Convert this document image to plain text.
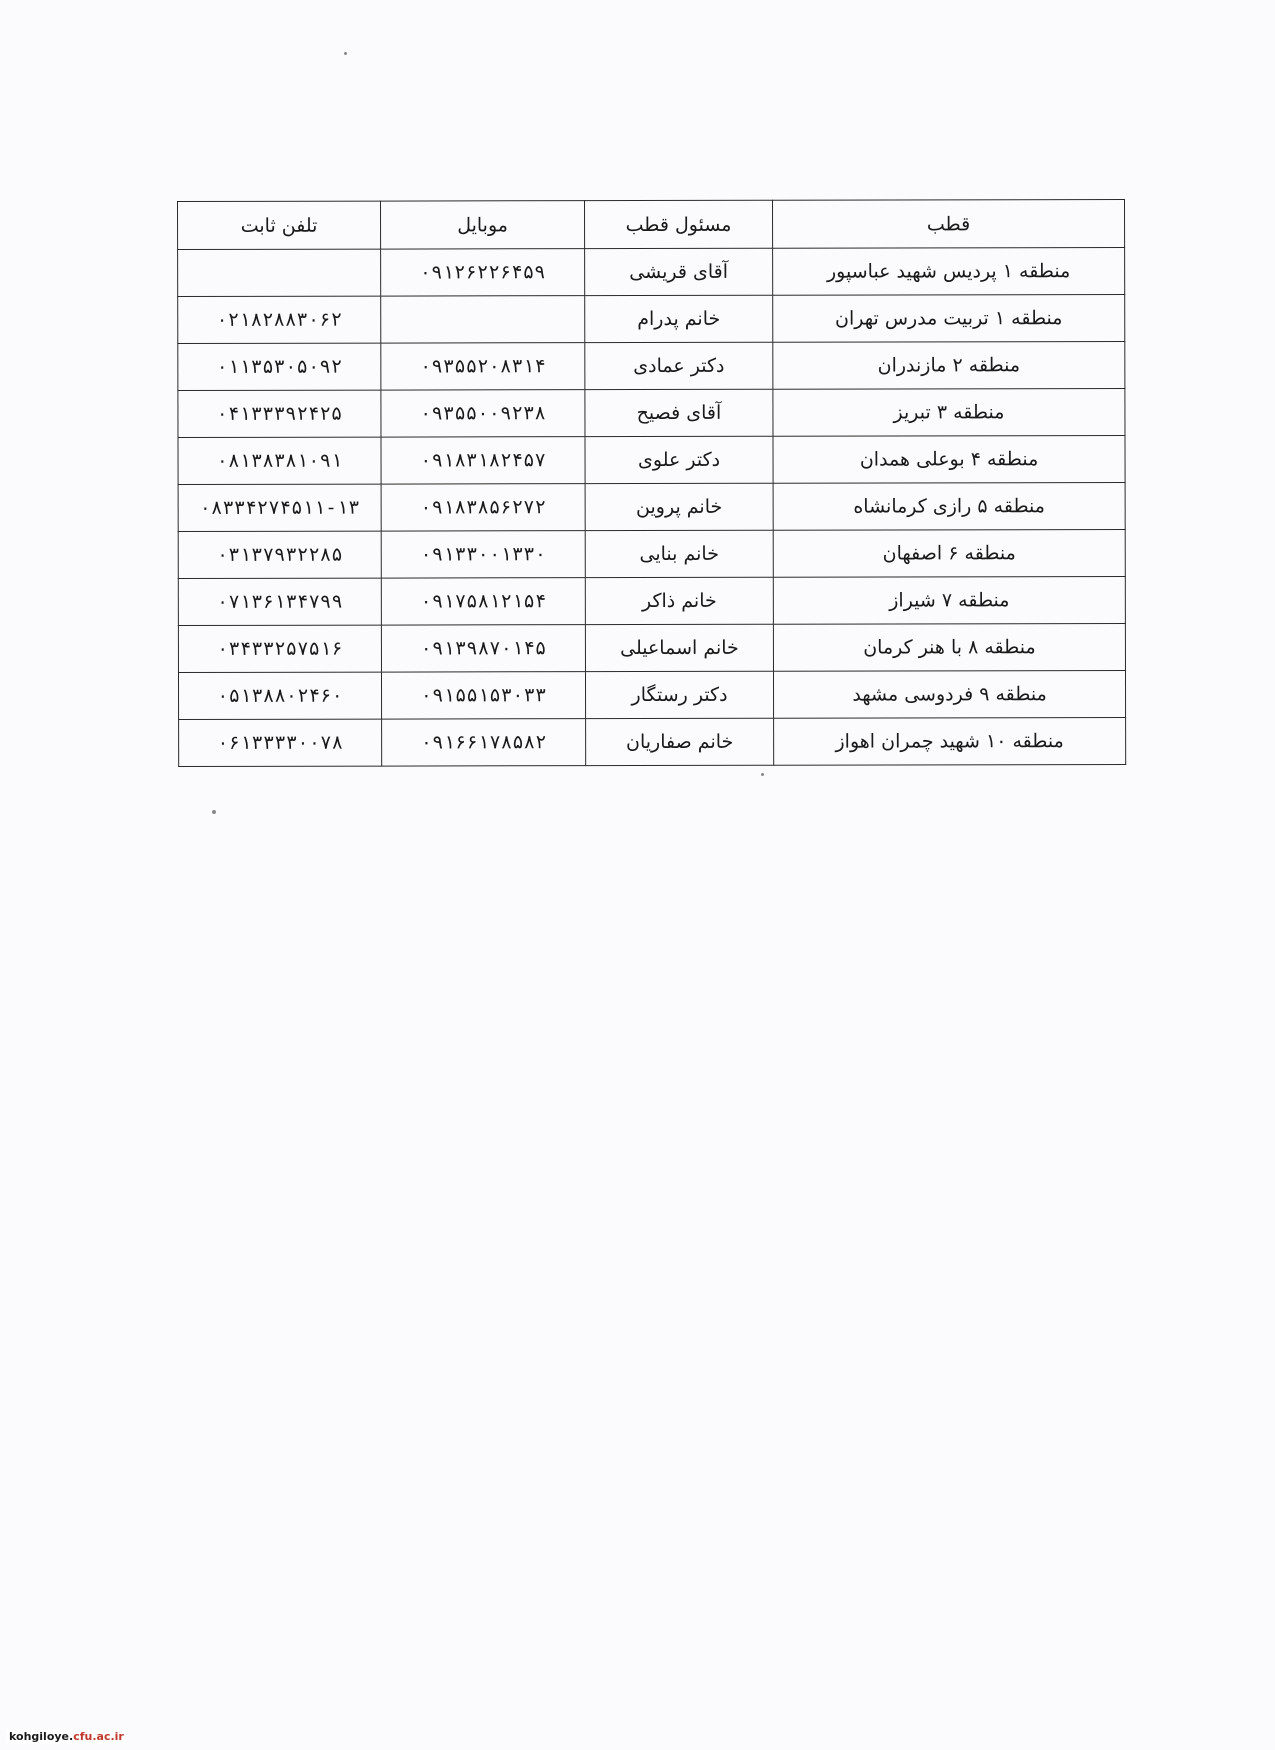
قطب	مسئول قطب	موبایل	تلفن ثابت
منطقه ۱ پردیس شهید عباسپور	آقای قریشی	۰۹۱۲۶۲۲۶۴۵۹	
منطقه ۱ تربیت مدرس تهران	خانم پدرام		۰۲۱۸۲۸۸۳۰۶۲
منطقه ۲ مازندران	دکتر عمادی	۰۹۳۵۵۲۰۸۳۱۴	۰۱۱۳۵۳۰۵۰۹۲
منطقه ۳ تبریز	آقای فصیح	۰۹۳۵۵۰۰۹۲۳۸	۰۴۱۳۳۳۹۲۴۲۵
منطقه ۴ بوعلی همدان	دکتر علوی	۰۹۱۸۳۱۸۲۴۵۷	۰۸۱۳۸۳۸۱۰۹۱
منطقه ۵ رازی کرمانشاه	خانم پروین	۰۹۱۸۳۸۵۶۲۷۲	۰۸۳۳۴۲۷۴۵۱۱-۱۳
منطقه ۶ اصفهان	خانم بنایی	۰۹۱۳۳۰۰۱۳۳۰	۰۳۱۳۷۹۳۲۲۸۵
منطقه ۷ شیراز	خانم ذاکر	۰۹۱۷۵۸۱۲۱۵۴	۰۷۱۳۶۱۳۴۷۹۹
منطقه ۸ با هنر کرمان	خانم اسماعیلی	۰۹۱۳۹۸۷۰۱۴۵	۰۳۴۳۳۲۵۷۵۱۶
منطقه ۹ فردوسی مشهد	دکتر رستگار	۰۹۱۵۵۱۵۳۰۳۳	۰۵۱۳۸۸۰۲۴۶۰
منطقه ۱۰ شهید چمران اهواز	خانم صفاریان	۰۹۱۶۶۱۷۸۵۸۲	۰۶۱۳۳۳۳۰۰۷۸
kohgiloye.cfu.ac.ir
